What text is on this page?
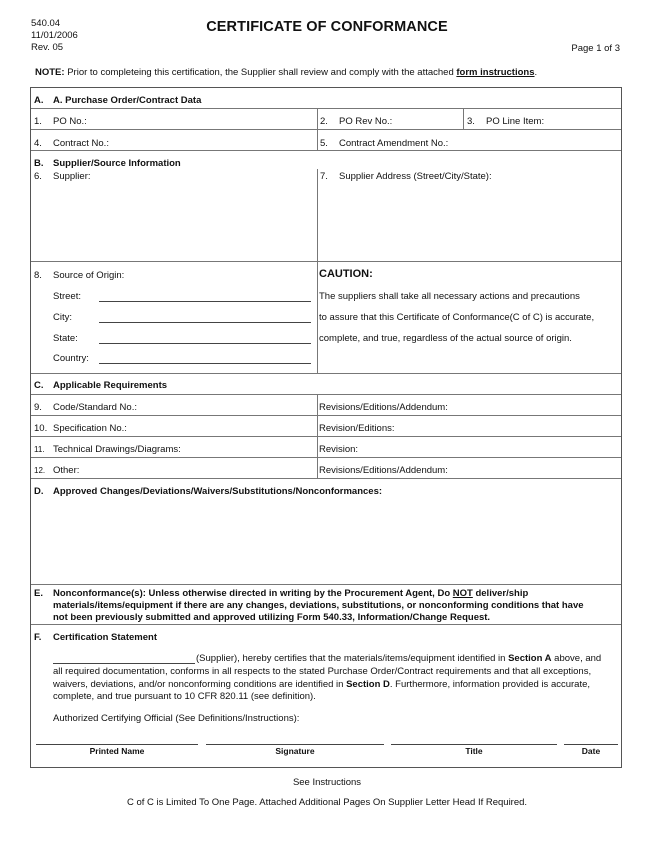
540.04
11/01/2006
Rev. 05
CERTIFICATE OF CONFORMANCE
Page 1 of 3
NOTE: Prior to completeing this certification, the Supplier shall review and comply with the attached form instructions.
A. A. Purchase Order/Contract Data
1. PO No.:	2. PO Rev No.:	3. PO Line Item:
4. Contract No.:	5. Contract Amendment No.:
B. Supplier/Source Information
6. Supplier:	7. Supplier Address (Street/City/State):
8. Source of Origin:
Street:
City:
State:
Country:
CAUTION:
The suppliers shall take all necessary actions and precautions
to assure that this Certificate of Conformance(C of C) is accurate,
complete, and true, regardless of the actual source of origin.
C. Applicable Requirements
9. Code/Standard No.:	Revisions/Editions/Addendum:
10. Specification No.:	Revision/Editions:
11. Technical Drawings/Diagrams:	Revision:
12. Other:	Revisions/Editions/Addendum:
D. Approved Changes/Deviations/Waivers/Substitutions/Nonconformances:
E. Nonconformance(s): Unless otherwise directed in writing by the Procurement Agent, Do NOT deliver/ship
materials/items/equipment if there are any changes, deviations, substitutions, or nonconforming conditions that have
not been previously submitted and approved utilizing Form 540.33, Information/Change Request.
F. Certification Statement
(Supplier), hereby certifies that the materials/items/equipment identified in Section A above, and
all required documentation, conforms in all respects to the stated Purchase Order/Contract requirements and that all exceptions,
waivers, deviations, and/or nonconforming conditions are identified in Section D. Furthermore, information provided is accurate,
complete, and true pursuant to 10 CFR 820.11 (see definition).
Authorized Certifying Official (See Definitions/Instructions):
Printed Name	Signature	Title	Date
See Instructions
C of C is Limited To One Page. Attached Additional Pages On Supplier Letter Head If Required.
